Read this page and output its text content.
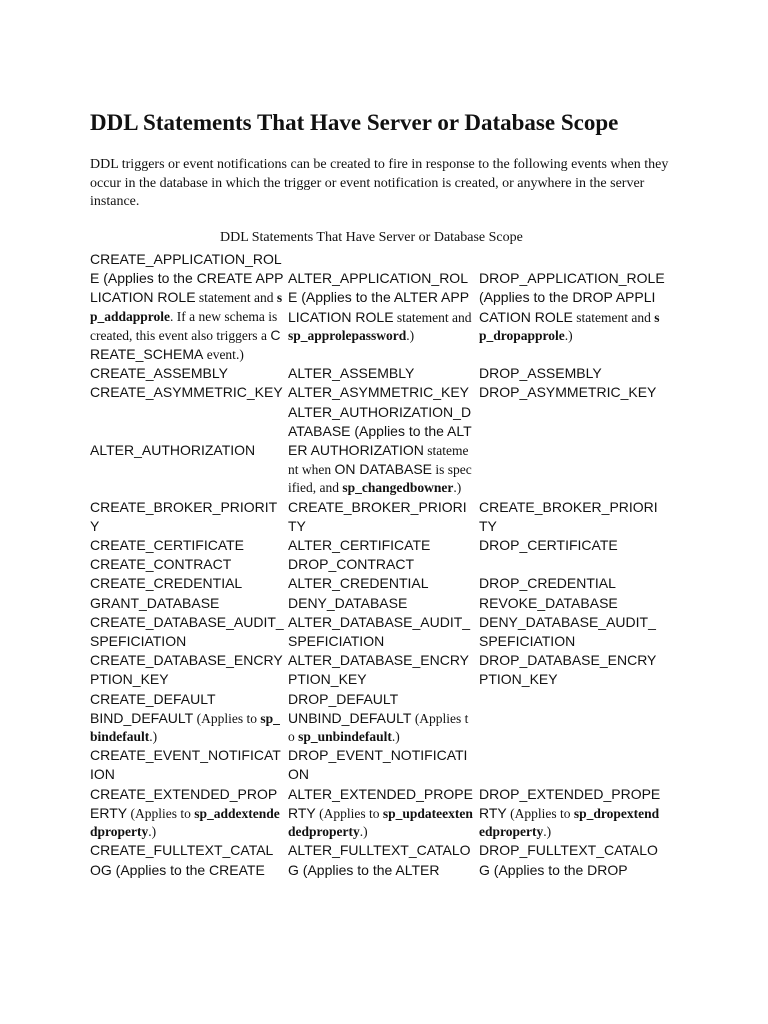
DDL Statements That Have Server or Database Scope

DDL triggers or event notifications can be created to fire in response to the following events when they occur in the database in which the trigger or event notification is created, or anywhere in the server instance.

DDL Statements That Have Server or Database Scope
CREATE_APPLICATION_ROLE (Applies to the CREATE APPLICATION ROLE statement and sp_addapprole. If a new schema is created, this event also triggers a CREATE_SCHEMA event.)	ALTER_APPLICATION_ROLE (Applies to the ALTER APPLICATION ROLE statement and sp_approlepassword.)	DROP_APPLICATION_ROLE (Applies to the DROP APPLICATION ROLE statement and sp_dropapprole.)
CREATE_ASSEMBLY	ALTER_ASSEMBLY	DROP_ASSEMBLY
CREATE_ASYMMETRIC_KEY	ALTER_ASYMMETRIC_KEY	DROP_ASYMMETRIC_KEY
ALTER_AUTHORIZATION	ALTER_AUTHORIZATION_DATABASE (Applies to the ALTER AUTHORIZATION statement when ON DATABASE is specified, and sp_changedbowner.)	
CREATE_BROKER_PRIORITY	CREATE_BROKER_PRIORITY	CREATE_BROKER_PRIORITY
CREATE_CERTIFICATE	ALTER_CERTIFICATE	DROP_CERTIFICATE
CREATE_CONTRACT	DROP_CONTRACT	
CREATE_CREDENTIAL	ALTER_CREDENTIAL	DROP_CREDENTIAL
GRANT_DATABASE	DENY_DATABASE	REVOKE_DATABASE
CREATE_DATABASE_AUDIT_SPEFICIATION	ALTER_DATABASE_AUDIT_SPEFICIATION	DENY_DATABASE_AUDIT_SPEFICIATION
CREATE_DATABASE_ENCRYPTION_KEY	ALTER_DATABASE_ENCRYPTION_KEY	DROP_DATABASE_ENCRYPTION_KEY
CREATE_DEFAULT	DROP_DEFAULT	
BIND_DEFAULT (Applies to sp_bindefault.)	UNBIND_DEFAULT (Applies to sp_unbindefault.)	
CREATE_EVENT_NOTIFICATION	DROP_EVENT_NOTIFICATION	
CREATE_EXTENDED_PROPERTY (Applies to sp_addextendedproperty.)	ALTER_EXTENDED_PROPERTY (Applies to sp_updateextendedproperty.)	DROP_EXTENDED_PROPERTY (Applies to sp_dropextendedproperty.)
CREATE_FULLTEXT_CATALOG (Applies to the CREATE	ALTER_FULLTEXT_CATALOG (Applies to the ALTER	DROP_FULLTEXT_CATALOG (Applies to the DROP
